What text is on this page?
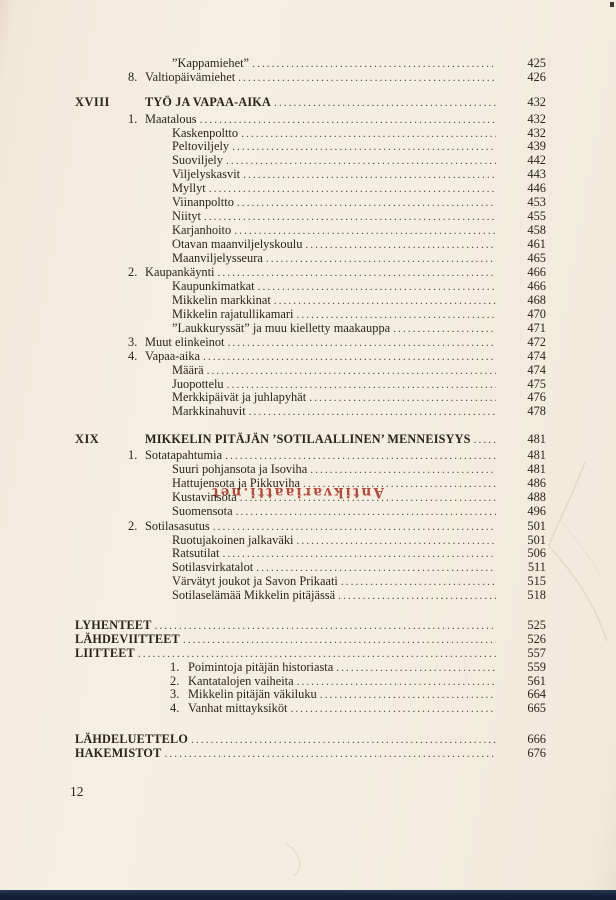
”Kappamiehet” .....	425
8. Valtiopäivämiehet .....	426
XVIII	TYÖ JA VAPAA-AIKA .....	432
1. Maatalous .....	432
Kaskenpoltto .....	432
Peltoviljely .....	439
Suoviljely .....	442
Viljelyskasvit .....	443
Myllyt .....	446
Viinanpoltto .....	453
Niityt .....	455
Karjanhoito .....	458
Otavan maanviljelyskoulu .....	461
Maanviljelysseura .....	465
2. Kaupankäynti .....	466
Kaupunkimatkat .....	466
Mikkelin markkinat .....	468
Mikkelin rajatullikamari .....	470
”Laukkuryssät” ja muu kielletty maakauppa .....	471
3. Muut elinkeinot .....	472
4. Vapaa-aika .....	474
Määrä .....	474
Juopottelu .....	475
Merkkipäivät ja juhlapyhät .....	476
Markkinahuvit .....	478
XIX	MIKKELIN PITÄJÄN ’SOTILAALLINEN’ MENNEISYYS .....	481
1. Sotatapahtumia .....	481
Suuri pohjansota ja Isoviha .....	481
Hattujensota ja Pikkuviha .....	486
Kustavinsota .....	488
Suomensota .....	496
2. Sotilasasutus .....	501
Ruotujakoinen jalkaväki .....	501
Ratsutilat .....	506
Sotilasvirkatalot .....	511
Värvätyt joukot ja Savon Prikaati .....	515
Sotilaselämää Mikkelin pitäjässä .....	518
LYHENTEET .....	525
LÄHDEVIITTEET .....	526
LIITTEET .....	557
1. Poimintoja pitäjän historiasta .....	559
2. Kantatalojen vaiheita .....	561
3. Mikkelin pitäjän väkiluku .....	664
4. Vanhat mittayksiköt .....	665
LÄHDELUETTELO .....	666
HAKEMISTOT .....	676
Antikvariaatti.net
12
